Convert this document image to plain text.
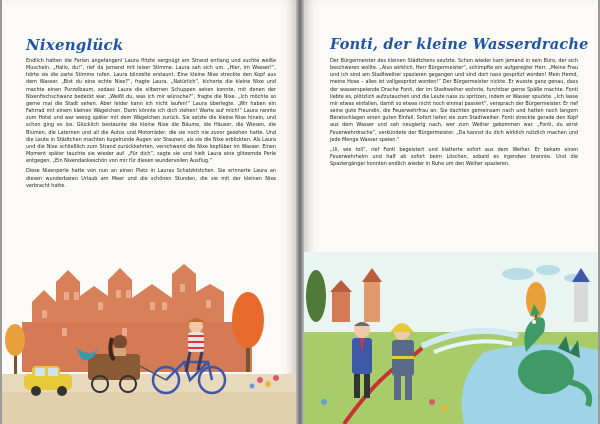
Nixenglück

Endlich hatten die Ferien angefangen! Laura flitzte vergnügt am Strand entlang und suchte weiße Muscheln. „Hallo, du!“, rief da jemand mit leiser Stimme. Laura sah sich um. „Hier, im Wasser!“, hörte sie die zarte Stimme rufen. Laura blinzelte erstaunt. Eine kleine Nixe streckte den Kopf aus dem Wasser. „Bist du eine echte Nixe?“, fragte Laura. „Natürlich“, kicherte die kleine Nixe und machte einen Purzelbaum, sodass Laura die silbernen Schuppen sehen konnte, mit denen der Nixenfischschwanz bedeckt war. „Weißt du, was ich mir wünsche?“, fragte die Nixe. „Ich möchte so gerne mal die Stadt sehen. Aber leider kann ich nicht laufen!“ Laura überlegte. „Wir haben ein Fahrrad mit einem kleinen Wägelchen. Darin könnte ich dich ziehen! Warte auf mich!“ Laura rannte zum Hotel und war wenig später mit dem Wägelchen zurück. Sie setzte die kleine Nixe hinein, und schon ging es los. Glücklich bestaunte die kleine Nixe die Bäume, die Häuser, die Wiesen, die Blumen, die Laternen und all die Autos und Motorräder, die sie noch nie zuvor gesehen hatte. Und die Leute in Städtchen machten kugelrunde Augen vor Staunen, als sie die Nixe erblickten. Als Laura und die Nixe schließlich zum Strand zurückkehrten, verschwand die Nixe kopfüber im Wasser. Einen Moment später tauchte sie wieder auf. „Für dich“, sagte sie und hielt Laura eine glitzernde Perle entgegen. „Ein Nixendankeschön von mir für diesen wundervollen Ausflug.“

Diese Nixenperle hatte von nun an einen Platz in Lauras Schatzkistchen. Sie erinnerte Laura an diesen wunderbaren Urlaub am Meer und die schönen Stunden, die sie mit der kleinen Nixe verbracht hatte.

Fonti, der kleine Wasserdrache

Der Bürgermeister des kleinen Städtchens seufzte. Schon wieder kam jemand in sein Büro, der sich beschweren wollte. „Also wirklich, Herr Bürgermeister“, schimpfte ein aufgeregter Herr. „Meine Frau und ich sind am Stadtweiher spazieren gegangen und sind dort nass gespritzt worden! Mein Hemd, meine Hose – alles ist vollgespritzt worden!“ Der Bürgermeister nickte. Er wusste ganz genau, dass der wasserspeiende Drache Fonti, der im Stadtweiher wohnte, furchtbar gerne Späße machte. Fonti liebte es, plötzlich aufzutauchen und die Leute nass zu spritzen, indem er Wasser spuckte. „Ich lasse mir etwas einfallen, damit so etwas nicht noch einmal passiert“, versprach der Bürgermeister. Er rief seine gute Freundin, die Feuerwehrfrau an. Sie dachten gemeinsam nach und hatten noch langem Beratschlagen einen guten Einfall. Sofort liefen sie zum Stadtweiher. Fonti streckte gerade den Kopf aus dem Wasser und sah neugierig nach, wer zum Weiher gekommen war. „Fonti, du wirst Feuerwehrdrache“, verkündete der Bürgermeister. „Da kannst du dich wirklich nützlich machen und jede Menge Wasser speien.“

„Ui, wie toll“, rief Fonti begeistert und klatterte sofort aus dem Weiher. Er bekam einen Feuerwehrhelm und half ab sofort beim Löschen, sobald es irgendwo brannte. Und die Spaziergänger konnten endlich wieder in Ruhe um den Weiher spazieren.
